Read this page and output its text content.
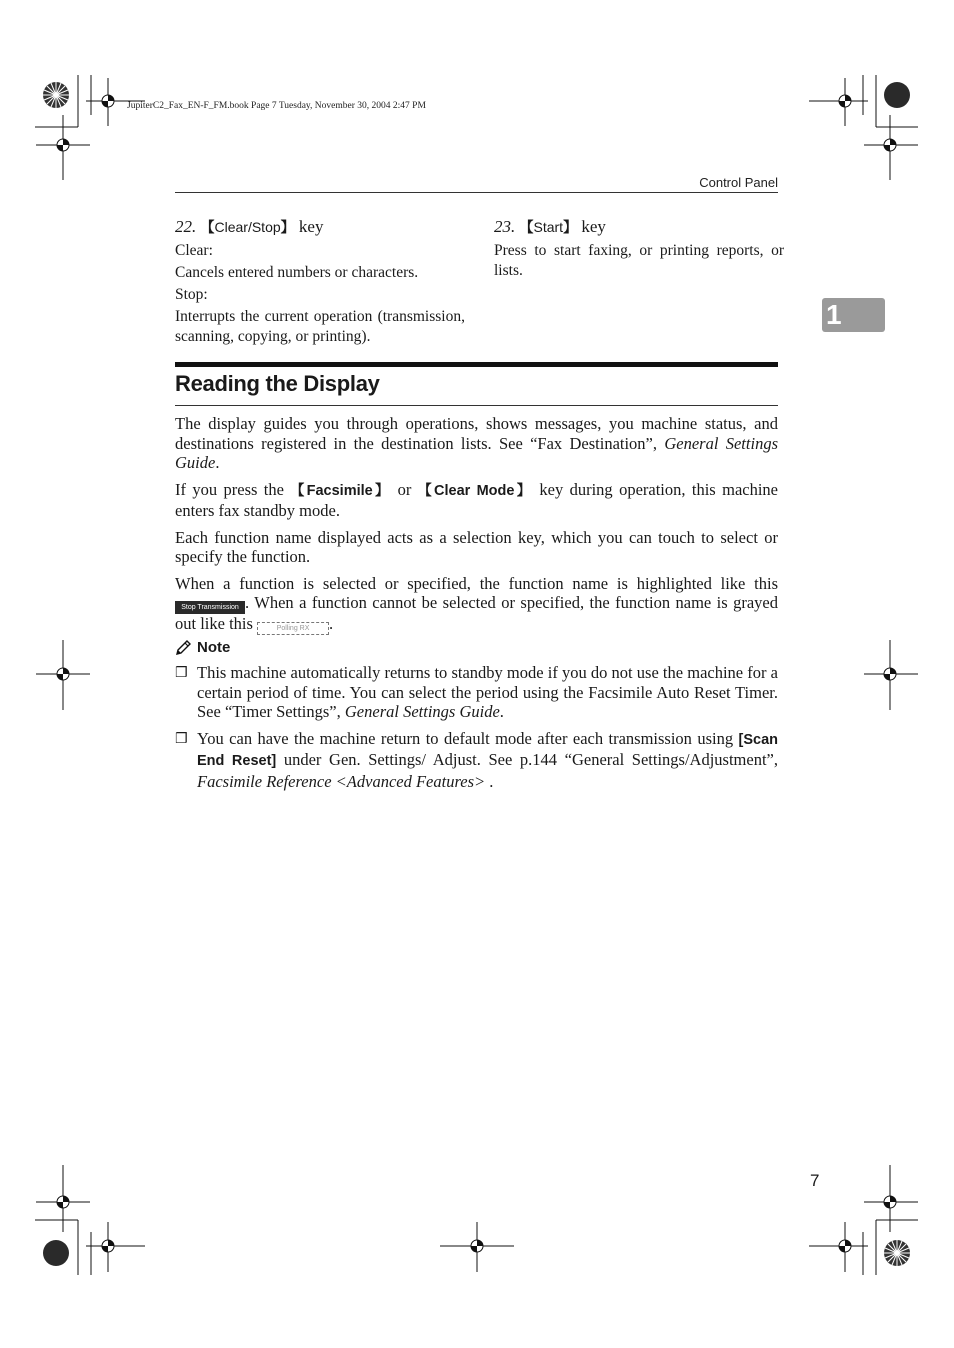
JupiterC2_Fax_EN-F_FM.book Page 7 Tuesday, November 30, 2004 2:47 PM
Control Panel
1
22. 【Clear/Stop】 key

Clear:

Cancels entered numbers or characters.

Stop:

Interrupts the current operation (transmission, scanning, copying, or printing).

23. 【Start】 key

Press to start faxing, or printing reports, or lists.

Reading the Display

The display guides you through operations, shows messages, you machine status, and destinations registered in the destination lists. See “Fax Destination”, General Settings Guide.

If you press the 【Facsimile】 or 【Clear Mode】 key during operation, this machine enters fax standby mode.

Each function name displayed acts as a selection key, which you can touch to select or specify the function.

When a function is selected or specified, the function name is highlighted like this Stop Transmission . When a function cannot be selected or specified, the function name is grayed out like this	Polling RX .

Note
❒ This machine automatically returns to standby mode if you do not use the machine for a certain period of time. You can select the period using the Facsimile Auto Reset Timer. See “Timer Settings”, General Settings Guide.
❒ You can have the machine return to default mode after each transmission using [Scan End Reset] under Gen. Settings/ Adjust. See p.144 “General Settings/Adjustment”, Facsimile Reference <Advanced Features> .
7
